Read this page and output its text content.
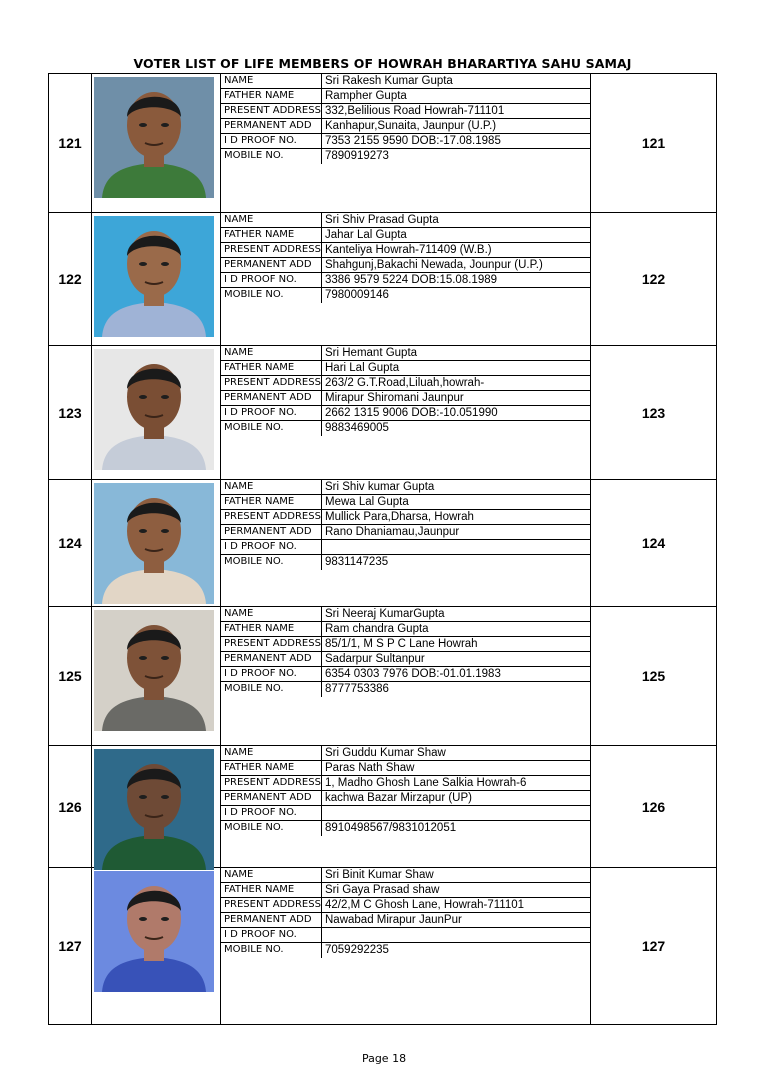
VOTER LIST OF LIFE MEMBERS OF HOWRAH BHARARTIYA SAHU SAMAJ
121
NAME	Sri Rakesh Kumar Gupta
FATHER NAME	Rampher Gupta
PRESENT ADDRESS 332,Belilious Road Howrah-711101
PERMANENT ADD	Kanhapur,Sunaita, Jaunpur (U.P.)
I D PROOF NO.	7353 2155 9590 DOB:-17.08.1985
MOBILE NO.	7890919273
121
122
NAME	Sri Shiv Prasad Gupta
FATHER NAME	Jahar Lal Gupta
PRESENT ADDRESS Kanteliya Howrah-711409 (W.B.)
PERMANENT ADD	Shahgunj,Bakachi Newada, Jounpur (U.P.)
I D PROOF NO.	3386 9579 5224 DOB:15.08.1989
MOBILE NO.	7980009146
122
123
NAME	Sri Hemant Gupta
FATHER NAME	Hari Lal Gupta
PRESENT ADDRESS 263/2 G.T.Road,Liluah,howrah-
PERMANENT ADD	Mirapur Shiromani Jaunpur
I D PROOF NO.	2662 1315 9006 DOB:-10.051990
MOBILE NO.	9883469005
123
124
NAME	Sri Shiv kumar Gupta
FATHER NAME	Mewa Lal Gupta
PRESENT ADDRESS Mullick Para,Dharsa, Howrah
PERMANENT ADD	Rano Dhaniamau,Jaunpur
I D PROOF NO.
MOBILE NO.	9831147235
124
125
NAME	Sri Neeraj KumarGupta
FATHER NAME	Ram chandra Gupta
PRESENT ADDRESS 85/1/1, M S P C Lane Howrah
PERMANENT ADD	Sadarpur Sultanpur
I D PROOF NO.	6354 0303 7976 DOB:-01.01.1983
MOBILE NO.	8777753386
125
126
NAME	Sri Guddu Kumar Shaw
FATHER NAME	Paras Nath Shaw
PRESENT ADDRESS 1, Madho Ghosh Lane Salkia Howrah-6
PERMANENT ADD	kachwa Bazar Mirzapur (UP)
I D PROOF NO.
MOBILE NO.	8910498567/9831012051
126
127
NAME	Sri Binit Kumar Shaw
FATHER NAME	Sri Gaya Prasad shaw
PRESENT ADDRESS 42/2,M C Ghosh Lane, Howrah-711101
PERMANENT ADD	Nawabad Mirapur JaunPur
I D PROOF NO.
MOBILE NO.	7059292235	127
Page 18
